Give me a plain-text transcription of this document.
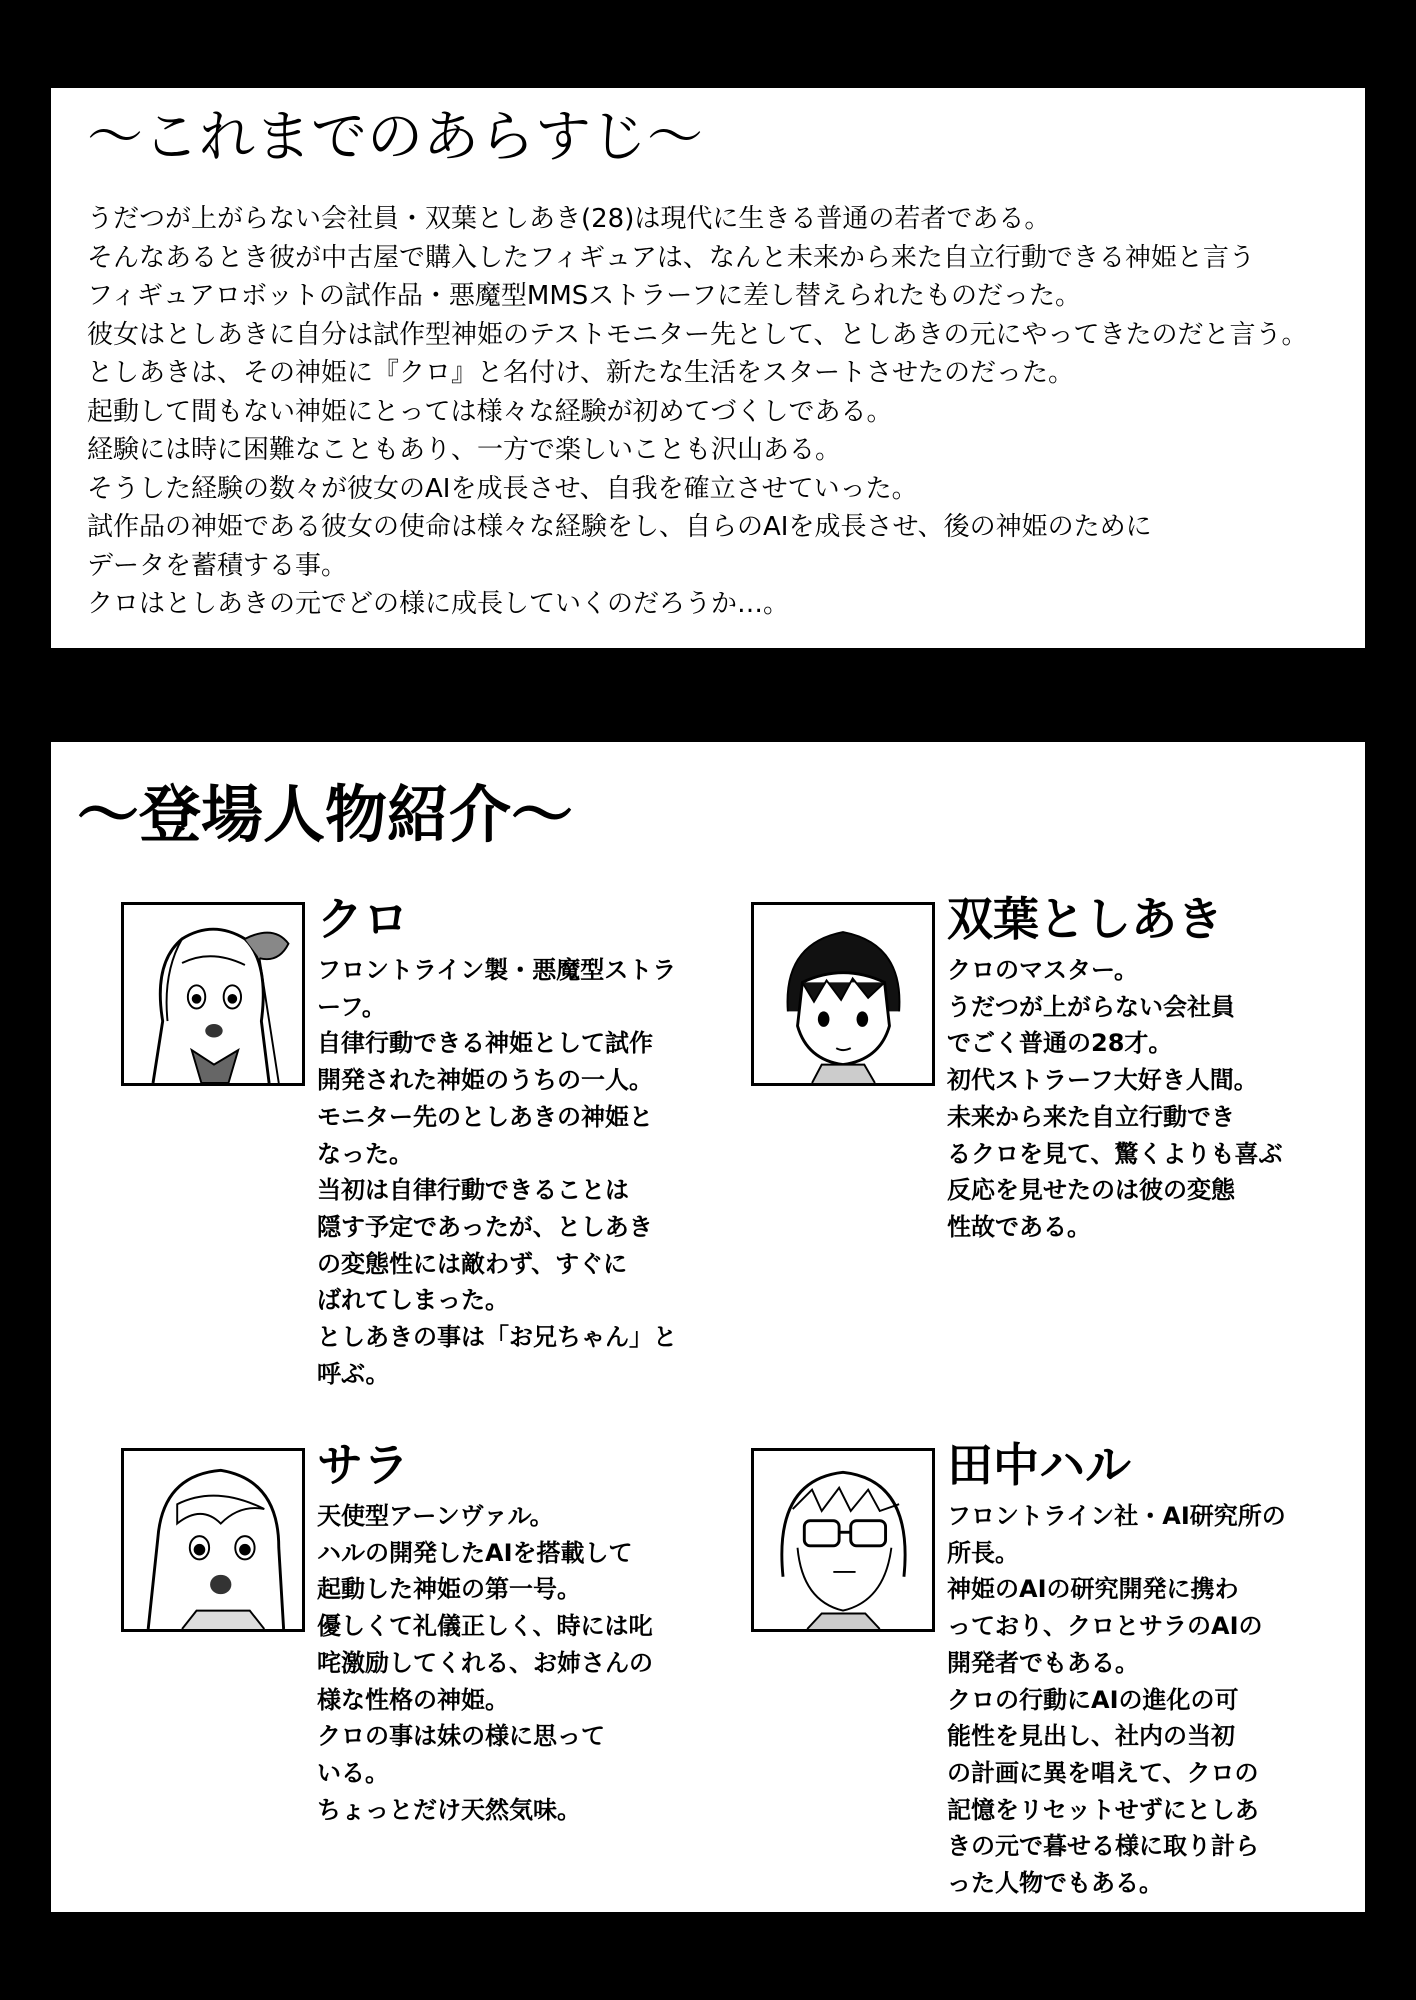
〜これまでのあらすじ〜
うだつが上がらない会社員・双葉としあき(28)は現代に生きる普通の若者である。
そんなあるとき彼が中古屋で購入したフィギュアは、なんと未来から来た自立行動できる神姫と言う
フィギュアロボットの試作品・悪魔型MMSストラーフに差し替えられたものだった。
彼女はとしあきに自分は試作型神姫のテストモニター先として、としあきの元にやってきたのだと言う。
としあきは、その神姫に『クロ』と名付け、新たな生活をスタートさせたのだった。
起動して間もない神姫にとっては様々な経験が初めてづくしである。
経験には時に困難なこともあり、一方で楽しいことも沢山ある。
そうした経験の数々が彼女のAIを成長させ、自我を確立させていった。
試作品の神姫である彼女の使命は様々な経験をし、自らのAIを成長させ、後の神姫のために
データを蓄積する事。
クロはとしあきの元でどの様に成長していくのだろうか…。
〜登場人物紹介〜
クロ
フロントライン製・悪魔型ストラ
ーフ。
自律行動できる神姫として試作
開発された神姫のうちの一人。
モニター先のとしあきの神姫と
なった。
当初は自律行動できることは
隠す予定であったが、としあき
の変態性には敵わず、すぐに
ばれてしまった。
としあきの事は「お兄ちゃん」と
呼ぶ。
双葉としあき
クロのマスター。
うだつが上がらない会社員
でごく普通の28才。
初代ストラーフ大好き人間。
未来から来た自立行動でき
るクロを見て、驚くよりも喜ぶ
反応を見せたのは彼の変態
性故である。
サラ
天使型アーンヴァル。
ハルの開発したAIを搭載して
起動した神姫の第一号。
優しくて礼儀正しく、時には叱
咤激励してくれる、お姉さんの
様な性格の神姫。
クロの事は妹の様に思って
いる。
ちょっとだけ天然気味。
田中ハル
フロントライン社・AI研究所の
所長。
神姫のAIの研究開発に携わ
っており、クロとサラのAIの
開発者でもある。
クロの行動にAIの進化の可
能性を見出し、社内の当初
の計画に異を唱えて、クロの
記憶をリセットせずにとしあ
きの元で暮せる様に取り計ら
った人物でもある。
